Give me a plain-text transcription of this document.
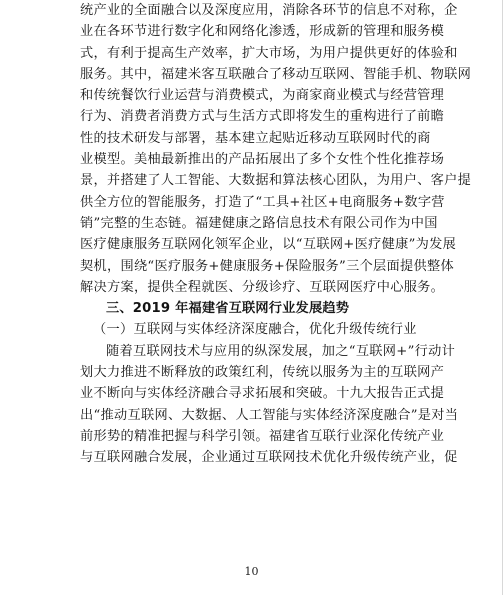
统产业的全面融合以及深度应用，消除各环节的信息不对称，企
业在各环节进行数字化和网络化渗透，形成新的管理和服务模
式，有利于提高生产效率，扩大市场，为用户提供更好的体验和
服务。其中，福建米客互联融合了移动互联网、智能手机、物联网
和传统餐饮行业运营与消费模式，为商家商业模式与经营管理
行为、消费者消费方式与生活方式即将发生的重构进行了前瞻
性的技术研发与部署，基本建立起贴近移动互联网时代的商
业模型。美柚最新推出的产品拓展出了多个女性个性化推荐场
景，并搭建了人工智能、大数据和算法核心团队，为用户、客户提
供全方位的智能服务，打造了“工具+社区+电商服务+数字营
销”完整的生态链。福建健康之路信息技术有限公司作为中国
医疗健康服务互联网化领军企业，以“互联网+医疗健康”为发展
契机，围绕“医疗服务+健康服务+保险服务”三个层面提供整体
解决方案，提供全程就医、分级诊疗、互联网医疗中心服务。
三、2019 年福建省互联网行业发展趋势
（一）互联网与实体经济深度融合，优化升级传统行业
随着互联网技术与应用的纵深发展，加之“互联网+”行动计
划大力推进不断释放的政策红利，传统以服务为主的互联网产
业不断向与实体经济融合寻求拓展和突破。十九大报告正式提
出“推动互联网、大数据、人工智能与实体经济深度融合”是对当
前形势的精准把握与科学引领。福建省互联行业深化传统产业
与互联网融合发展，企业通过互联网技术优化升级传统产业，促
10
